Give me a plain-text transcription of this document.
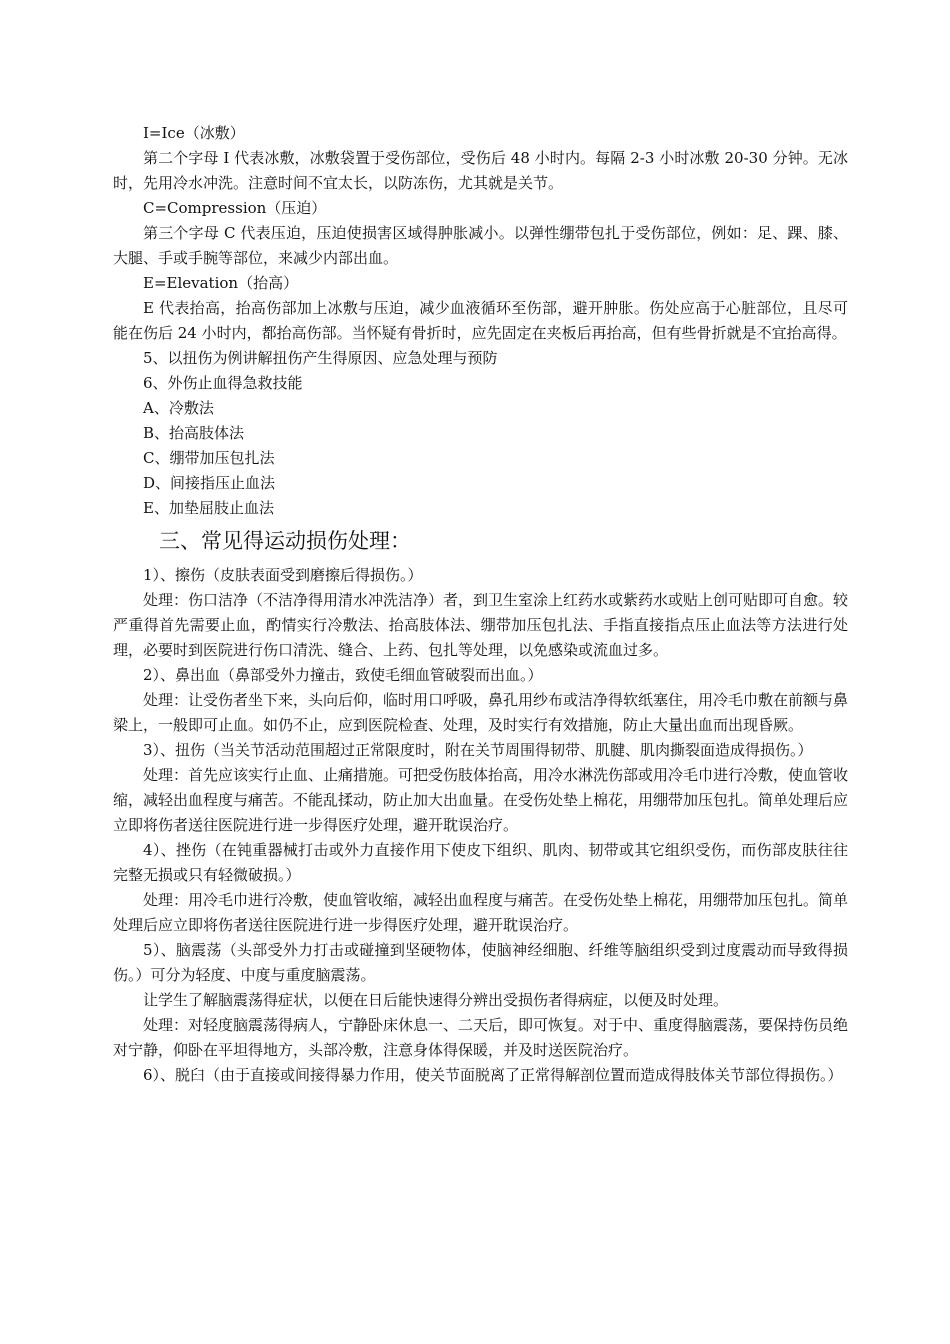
I=Ice（冰敷）

第二个字母 I 代表冰敷，冰敷袋置于受伤部位，受伤后 48 小时内。每隔 2-3 小时冰敷 20-30 分钟。无冰时，先用冷水冲洗。注意时间不宜太长，以防冻伤，尤其就是关节。

C=Compression（压迫）

第三个字母 C 代表压迫，压迫使损害区域得肿胀减小。以弹性绷带包扎于受伤部位，例如：足、踝、膝、大腿、手或手腕等部位，来减少内部出血。

E=Elevation（抬高）

E 代表抬高，抬高伤部加上冰敷与压迫，减少血液循环至伤部，避开肿胀。伤处应高于心脏部位，且尽可能在伤后 24 小时内，都抬高伤部。当怀疑有骨折时，应先固定在夹板后再抬高，但有些骨折就是不宜抬高得。

5、以扭伤为例讲解扭伤产生得原因、应急处理与预防

6、外伤止血得急救技能

A、冷敷法

B、抬高肢体法

C、绷带加压包扎法

D、间接指压止血法

E、加垫屈肢止血法

三、常见得运动损伤处理：

1）、擦伤（皮肤表面受到磨擦后得损伤。）

处理：伤口洁净（不洁净得用清水冲洗洁净）者，到卫生室涂上红药水或紫药水或贴上创可贴即可自愈。较严重得首先需要止血，酌情实行冷敷法、抬高肢体法、绷带加压包扎法、手指直接指点压止血法等方法进行处理，必要时到医院进行伤口清洗、缝合、上药、包扎等处理，以免感染或流血过多。

2）、鼻出血（鼻部受外力撞击，致使毛细血管破裂而出血。）

处理：让受伤者坐下来，头向后仰，临时用口呼吸，鼻孔用纱布或洁净得软纸塞住，用冷毛巾敷在前额与鼻梁上，一般即可止血。如仍不止，应到医院检查、处理，及时实行有效措施，防止大量出血而出现昏厥。

3）、扭伤（当关节活动范围超过正常限度时，附在关节周围得韧带、肌腱、肌肉撕裂面造成得损伤。）

处理：首先应该实行止血、止痛措施。可把受伤肢体抬高，用冷水淋洗伤部或用冷毛巾进行冷敷，使血管收缩，减轻出血程度与痛苦。不能乱揉动，防止加大出血量。在受伤处垫上棉花，用绷带加压包扎。简单处理后应立即将伤者送往医院进行进一步得医疗处理，避开耽误治疗。

4）、挫伤（在钝重器械打击或外力直接作用下使皮下组织、肌肉、韧带或其它组织受伤，而伤部皮肤往往完整无损或只有轻微破损。）

处理：用冷毛巾进行冷敷，使血管收缩，减轻出血程度与痛苦。在受伤处垫上棉花，用绷带加压包扎。简单处理后应立即将伤者送往医院进行进一步得医疗处理，避开耽误治疗。

5）、脑震荡（头部受外力打击或碰撞到坚硬物体，使脑神经细胞、纤维等脑组织受到过度震动而导致得损伤。）可分为轻度、中度与重度脑震荡。

让学生了解脑震荡得症状，以便在日后能快速得分辨出受损伤者得病症，以便及时处理。

处理：对轻度脑震荡得病人，宁静卧床休息一、二天后，即可恢复。对于中、重度得脑震荡，要保持伤员绝对宁静，仰卧在平坦得地方，头部冷敷，注意身体得保暖，并及时送医院治疗。

6）、脱臼（由于直接或间接得暴力作用，使关节面脱离了正常得解剖位置而造成得肢体关节部位得损伤。）
